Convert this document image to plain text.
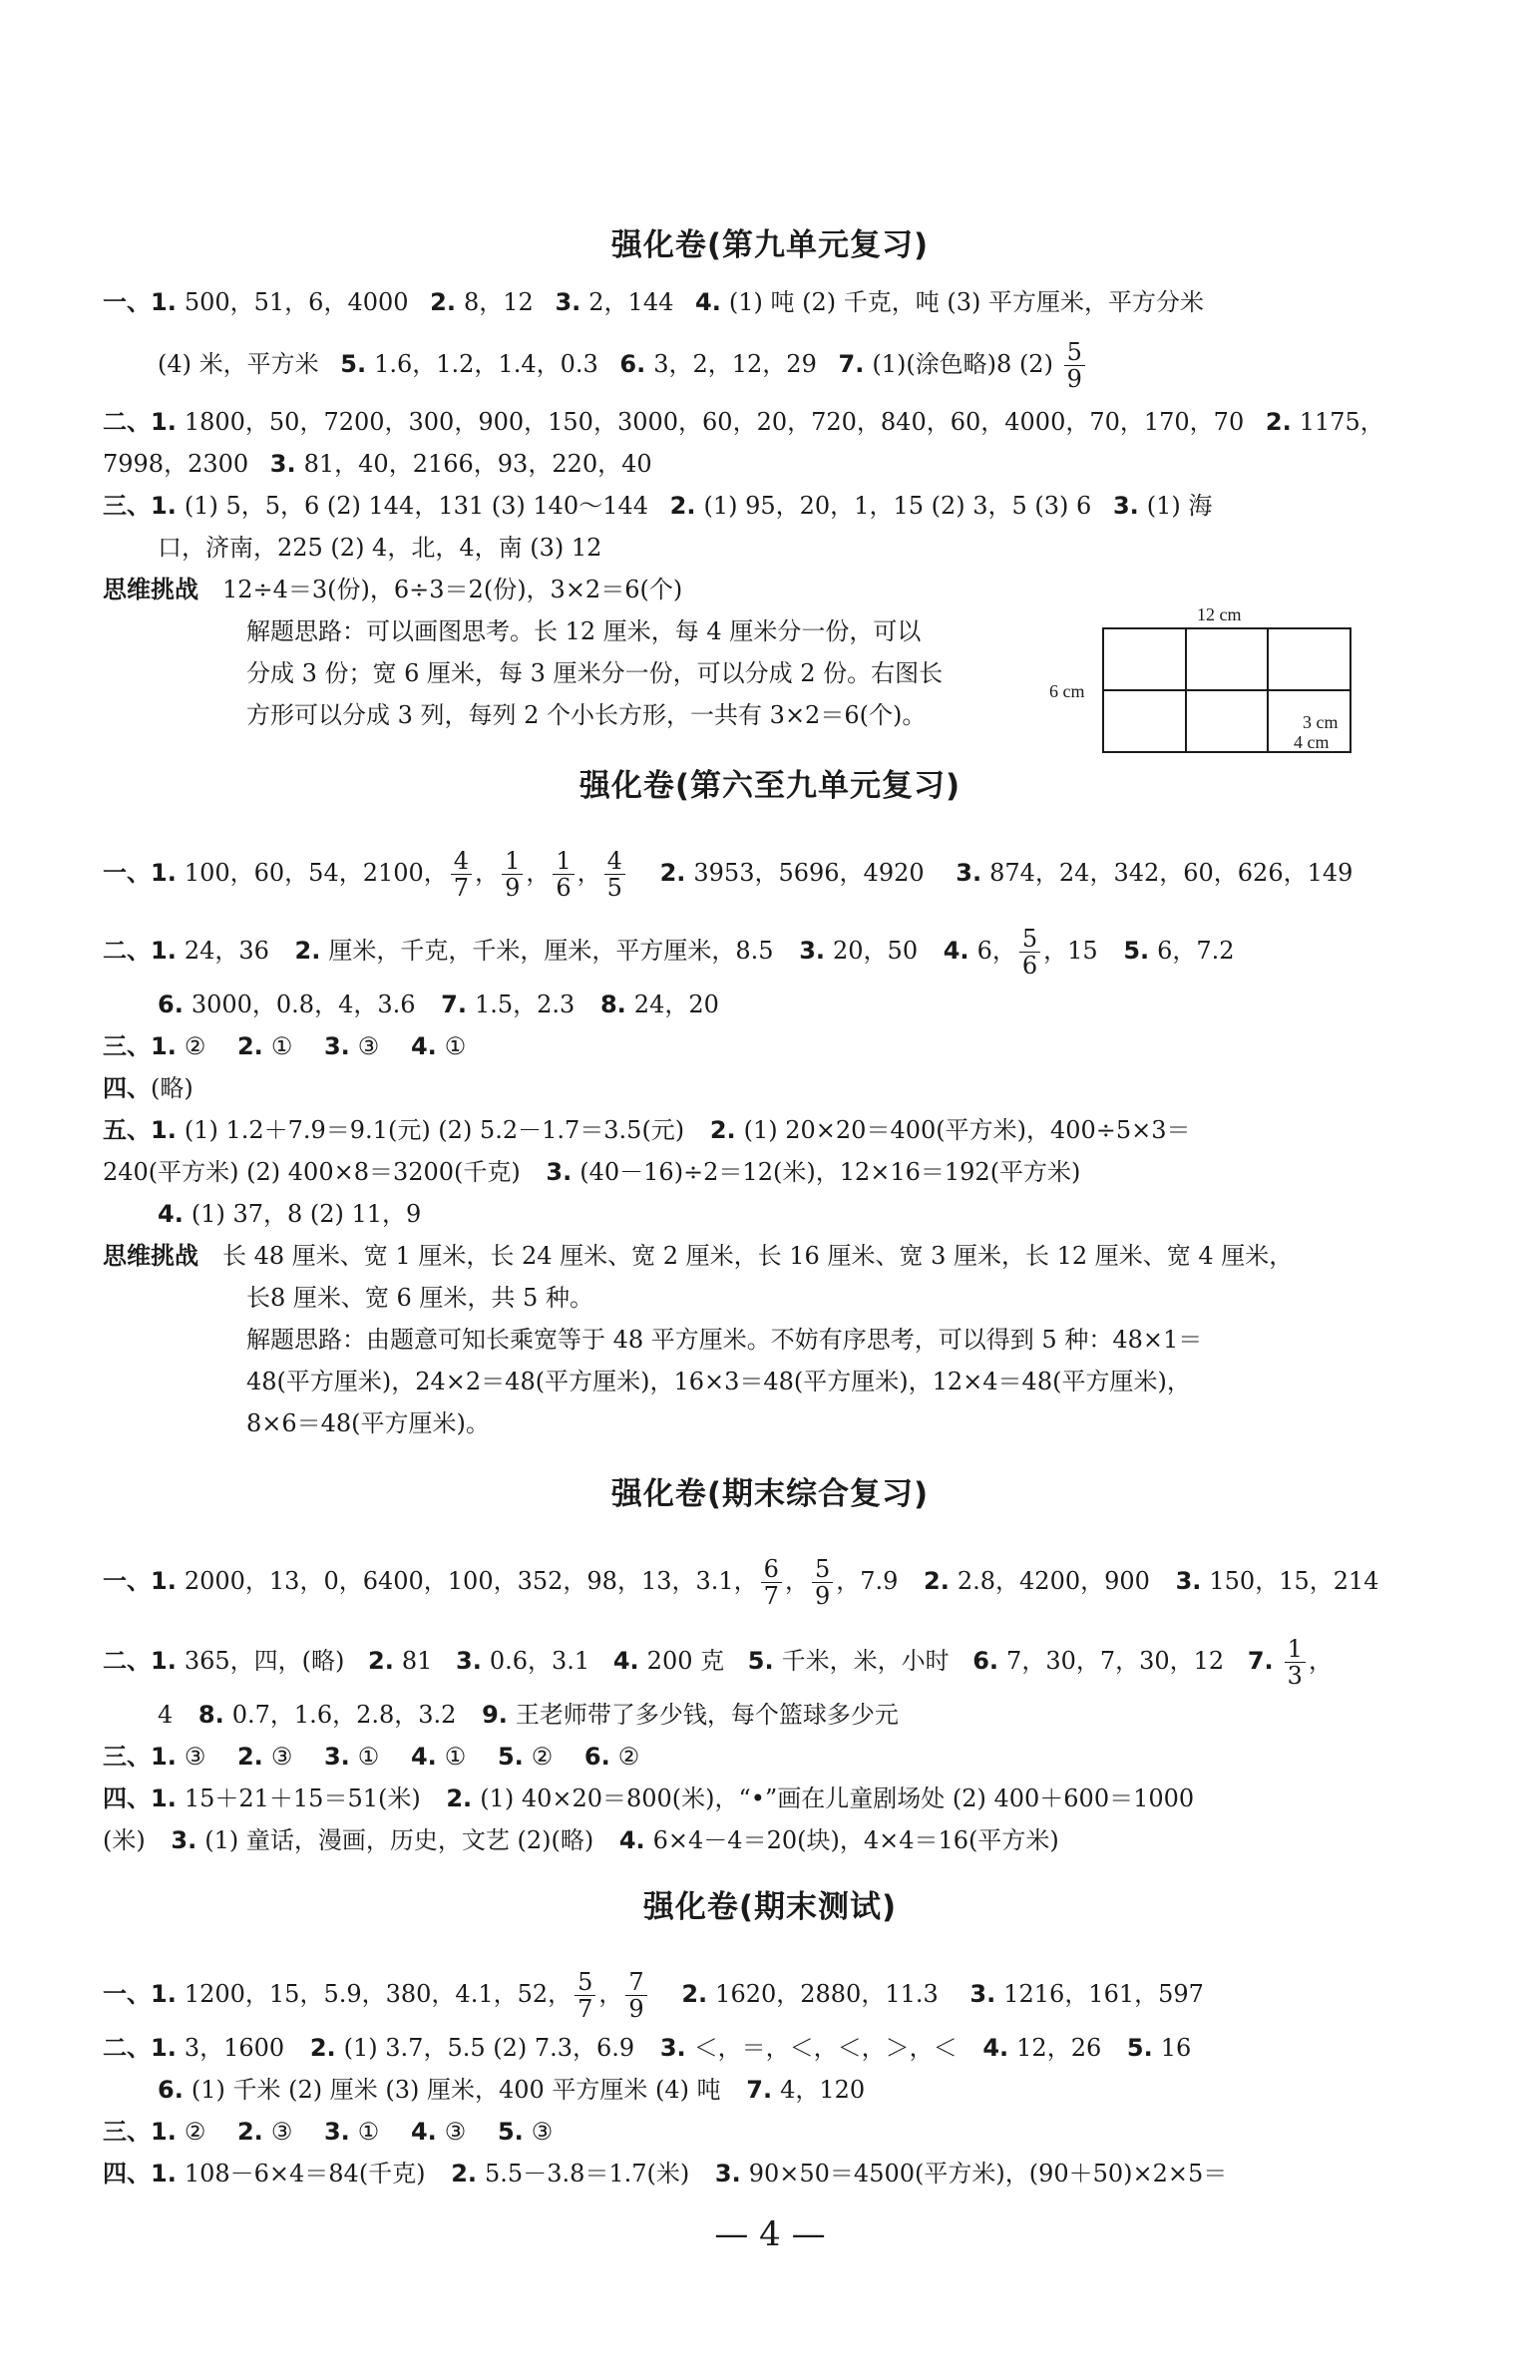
强化卷(第九单元复习)
一、1. 500，51，6，4000 2. 8，12 3. 2，144 4. (1) 吨 (2) 千克，吨 (3) 平方厘米，平方分米
(4) 米，平方米 5. 1.6，1.2，1.4，0.3 6. 3，2，12，29 7. (1)(涂色略)8 $(2) \frac{5}{9}$
二、1. 1800，50，7200，300，900，150，3000，60，20，720，840，60，4000，70，170，70 2. 1175，
7998，2300 3. 81，40，2166，93，220，40
三、1. (1) 5，5，6 (2) 144，131 (3) 140～144 2. (1) 95，20，1，15 (2) 3，5 (3) 6 3. (1) 海
口，济南，225 (2) 4，北，4，南 (3) 12
思维挑战 12÷4＝3(份)，6÷3＝2(份)，3×2＝6(个)
解题思路：可以画图思考。长 12 厘米，每 4 厘米分一份，可以
分成 3 份；宽 6 厘米，每 3 厘米分一份，可以分成 2 份。右图长
方形可以分成 3 列，每列 2 个小长方形，一共有 3×2＝6(个)。
12 cm
6 cm
3 cm
4 cm
强化卷(第六至九单元复习)
一、1. 100，60，54，2100， $\frac{4}{7}$ ， $\frac{1}{9}$ ， $\frac{1}{6}$ ， $\frac{4}{5} 2$. 3953，5696，4920 3. 874，24，342，60，626，149
二、1. 24，36 2. 厘米，千克，千米，厘米，平方厘米，8.5 3. 20，50 4. 6， $\frac{5}{6}$ ，15 5. 6，7.2
6. 3000，0.8，4，3.6 7. 1.5，2.3 8. 24，20
三、1. ② 2. ① 3. ③ 4. ①
四、(略)
五、1. (1) 1.2＋7.9＝9.1(元) (2) 5.2－1.7＝3.5(元) 2. (1) 20×20＝400(平方米)，400÷5×3＝
240(平方米) (2) 400×8＝3200(千克) 3. (40－16)÷2＝12(米)，12×16＝192(平方米)
4. (1) 37，8 (2) 11，9
思维挑战 长 48 厘米、宽 1 厘米，长 24 厘米、宽 2 厘米，长 16 厘米、宽 3 厘米，长 12 厘米、宽 4 厘米，
长8 厘米、宽 6 厘米，共 5 种。
解题思路：由题意可知长乘宽等于 48 平方厘米。不妨有序思考，可以得到 5 种：48×1＝
48(平方厘米)，24×2＝48(平方厘米)，16×3＝48(平方厘米)，12×4＝48(平方厘米)，
8×6＝48(平方厘米)。
强化卷(期末综合复习)
一、1. 2000，13，0，6400，100，352，98，13，3.1， $\frac{6}{7}$ ， $\frac{5}{9}$ ，7.9 2. 2.8，4200，900 3. 150，15，214
二、1. 365，四，(略) 2. 81 3. 0.6，3.1 4. 200 克 5. 千米，米，小时 6. 7，30，7，30，12 7. $\frac{1}{3}$ ，
4 8. 0.7，1.6，2.8，3.2 9. 王老师带了多少钱，每个篮球多少元
三、1. ③ 2. ③ 3. ① 4. ① 5. ② 6. ②
四、1. 15＋21＋15＝51(米) 2. (1) 40×20＝800(米)，“•”画在儿童剧场处 (2) 400＋600＝1000
(米) 3. (1) 童话，漫画，历史，文艺 (2)(略) 4. 6×4－4＝20(块)，4×4＝16(平方米)
强化卷(期末测试)
一、1. 1200，15，5.9，380，4.1，52， $\frac{5}{7}$ ， $\frac{7}{9} 2$. 1620，2880，11.3 3. 1216，161，597
二、1. 3，1600 2. (1) 3.7，5.5 (2) 7.3，6.9 3. ＜，＝，＜，＜，＞，＜ 4. 12，26 5. 16
6. (1) 千米 (2) 厘米 (3) 厘米，400 平方厘米 (4) 吨 7. 4，120
三、1. ② 2. ③ 3. ① 4. ③ 5. ③
四、1. 108－6×4＝84(千克) 2. 5.5－3.8＝1.7(米) 3. 90×50＝4500(平方米)，(90＋50)×2×5＝
— 4 —
